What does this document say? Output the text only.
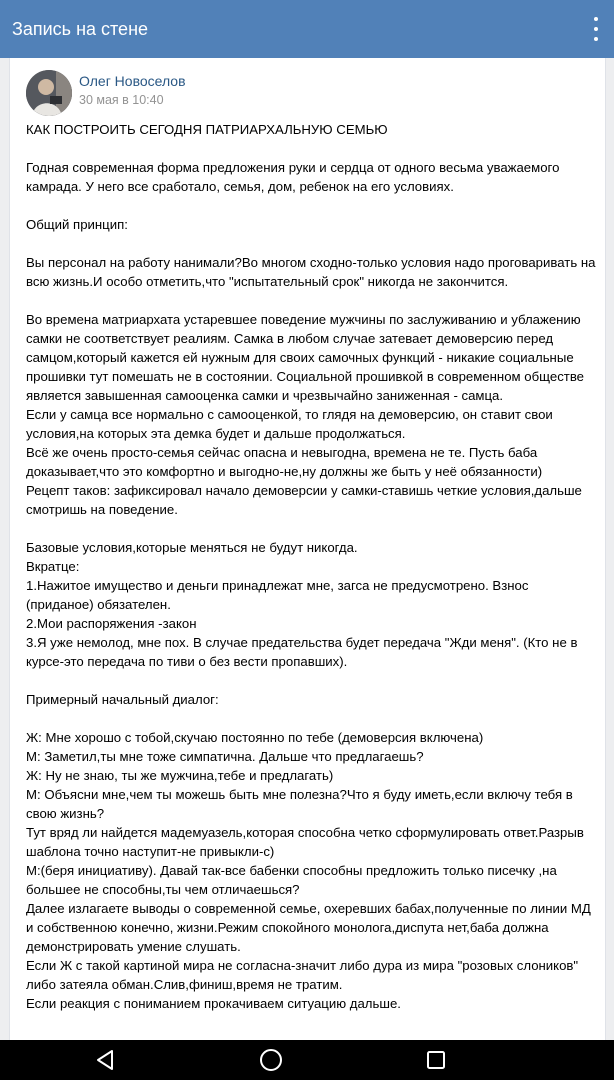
Запись на стене
Олег Новоселов
30 мая в 10:40

КАК ПОСТРОИТЬ СЕГОДНЯ ПАТРИАРХАЛЬНУЮ СЕМЬЮ

Годная современная форма предложения руки и сердца от одного весьма уважаемого камрада. У него все сработало, семья, дом, ребенок на его условиях.

Общий принцип:

Вы персонал на работу нанимали?Во многом сходно-только условия надо проговаривать на всю жизнь.И особо отметить,что "испытательный срок" никогда не закончится.

Во времена матриархата устаревшее поведение мужчины по заслуживанию и ублажению самки не соответствует реалиям. Самка в любом случае затевает демоверсию перед самцом,который кажется ей нужным для своих самочных функций - никакие социальные прошивки тут помешать не в состоянии. Социальной прошивкой в современном обществе является завышенная самооценка самки и чрезвычайно заниженная - самца.

Если у самца все нормально с самооценкой, то глядя на демоверсию, он ставит свои условия,на которых эта демка будет и дальше продолжаться.

Всё же очень просто-семья сейчас опасна и невыгодна, времена не те. Пусть баба доказывает,что это комфортно и выгодно-не,ну должны же быть у неё обязанности)

Рецепт таков: зафиксировал начало демоверсии у самки-ставишь четкие условия,дальше смотришь на поведение.

Базовые условия,которые меняться не будут никогда.

Вкратце:

1.Нажитое имущество и деньги принадлежат мне, загса не предусмотрено. Взнос (приданое) обязателен.

2.Мои распоряжения -закон

3.Я уже немолод, мне пох. В случае предательства будет передача "Жди меня". (Кто не в курсе-это передача по тиви о без вести пропавших).

Примерный начальный диалог:

Ж: Мне хорошо с тобой,скучаю постоянно по тебе (демоверсия включена)

М: Заметил,ты мне тоже симпатична. Дальше что предлагаешь?

Ж: Ну не знаю, ты же мужчина,тебе и предлагать)

М: Объясни мне,чем ты можешь быть мне полезна?Что я буду иметь,если включу тебя в свою жизнь?

Тут вряд ли найдется мадемуазель,которая способна четко сформулировать ответ.Разрыв шаблона точно наступит-не привыкли-с)

М:(беря инициативу). Давай так-все бабенки способны предложить только писечку ,на большее не способны,ты чем отличаешься?

Далее излагаете выводы о современной семье, охеревших бабах,полученные по линии МД и собственною конечно, жизни.Режим спокойного монолога,диспута нет,баба должна демонстрировать умение слушать.

Если Ж с такой картиной мира не согласна-значит либо дура из мира "розовых слоников" либо затеяла обман.Слив,финиш,время не тратим.

Если реакция с пониманием прокачиваем ситуацию дальше.
